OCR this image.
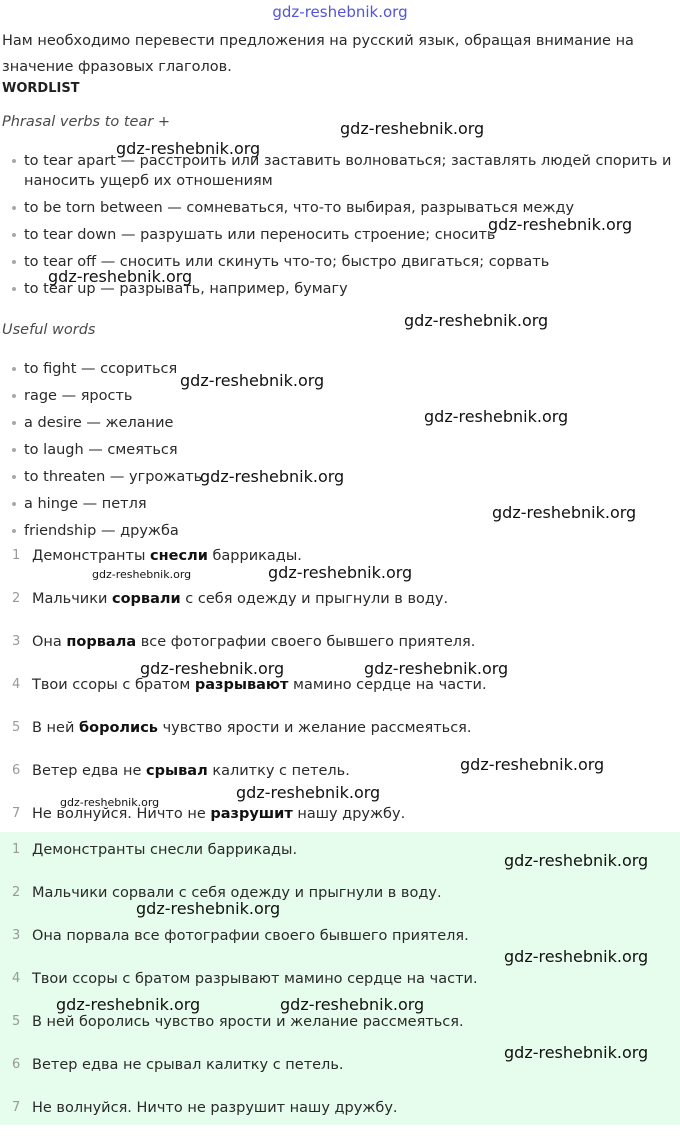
gdz-reshebnik.org
Нам необходимо перевести предложения на русский язык, обращая внимание на значение фразовых глаголов.
WORDLIST
Phrasal verbs to tear +
to tear apart — расстроить или заставить волноваться; заставлять людей спорить и наносить ущерб их отношениям
to be torn between — сомневаться, что-то выбирая, разрываться между
to tear down — разрушать или переносить строение; сносить
to tear off — сносить или скинуть что-то; быстро двигаться; сорвать
to tear up — разрывать, например, бумагу
Useful words
to fight — ссориться
rage — ярость
a desire — желание
to laugh — смеяться
to threaten — угрожать
a hinge — петля
friendship — дружба
1 Демонстранты снесли баррикады.
2 Мальчики сорвали с себя одежду и прыгнули в воду.
3 Она порвала все фотографии своего бывшего приятеля.
4 Твои ссоры с братом разрывают мамино сердце на части.
5 В ней боролись чувство ярости и желание рассмеяться.
6 Ветер едва не срывал калитку с петель.
7 Не волнуйся. Ничто не разрушит нашу дружбу.
1 Демонстранты снесли баррикады.
2 Мальчики сорвали с себя одежду и прыгнули в воду.
3 Она порвала все фотографии своего бывшего приятеля.
4 Твои ссоры с братом разрывают мамино сердце на части.
5 В ней боролись чувство ярости и желание рассмеяться.
6 Ветер едва не срывал калитку с петель.
7 Не волнуйся. Ничто не разрушит нашу дружбу.
gdz-reshebnik.org
gdz-reshebnik.org
gdz-reshebnik.org
gdz-reshebnik.org
gdz-reshebnik.org
gdz-reshebnik.org
gdz-reshebnik.org
gdz-reshebnik.org
gdz-reshebnik.org
gdz-reshebnik.org	gdz-reshebnik.org
gdz-reshebnik.org	gdz-reshebnik.org
gdz-reshebnik.org
gdz-reshebnik.org
gdz-reshebnik.org
gdz-reshebnik.org
gdz-reshebnik.org
gdz-reshebnik.org
gdz-reshebnik.org	gdz-reshebnik.org
gdz-reshebnik.org
